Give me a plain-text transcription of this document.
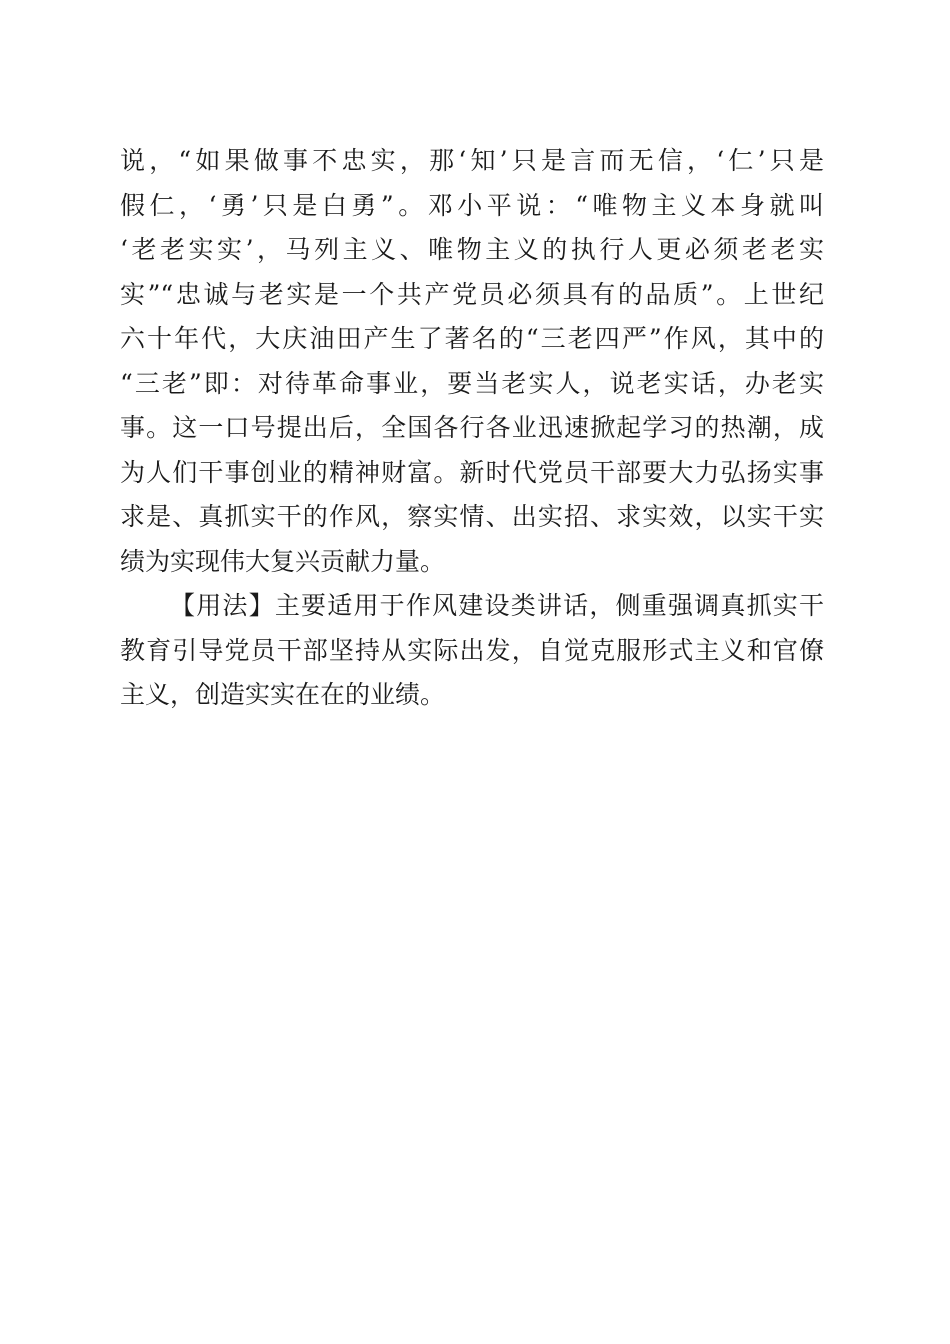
说，“如果做事不忠实，那‘知’只是言而无信，‘仁’只是
假仁，‘勇’只是白勇”。邓小平说：“唯物主义本身就叫
‘老老实实’，马列主义、唯物主义的执行人更必须老老实
实”“忠诚与老实是一个共产党员必须具有的品质”。上世纪
六十年代，大庆油田产生了著名的“三老四严”作风，其中的
“三老”即：对待革命事业，要当老实人，说老实话，办老实
事。这一口号提出后，全国各行各业迅速掀起学习的热潮，成
为人们干事创业的精神财富。新时代党员干部要大力弘扬实事
求是、真抓实干的作风，察实情、出实招、求实效，以实干实
绩为实现伟大复兴贡献力量。
【用法】主要适用于作风建设类讲话，侧重强调真抓实干
教育引导党员干部坚持从实际出发，自觉克服形式主义和官僚
主义，创造实实在在的业绩。
